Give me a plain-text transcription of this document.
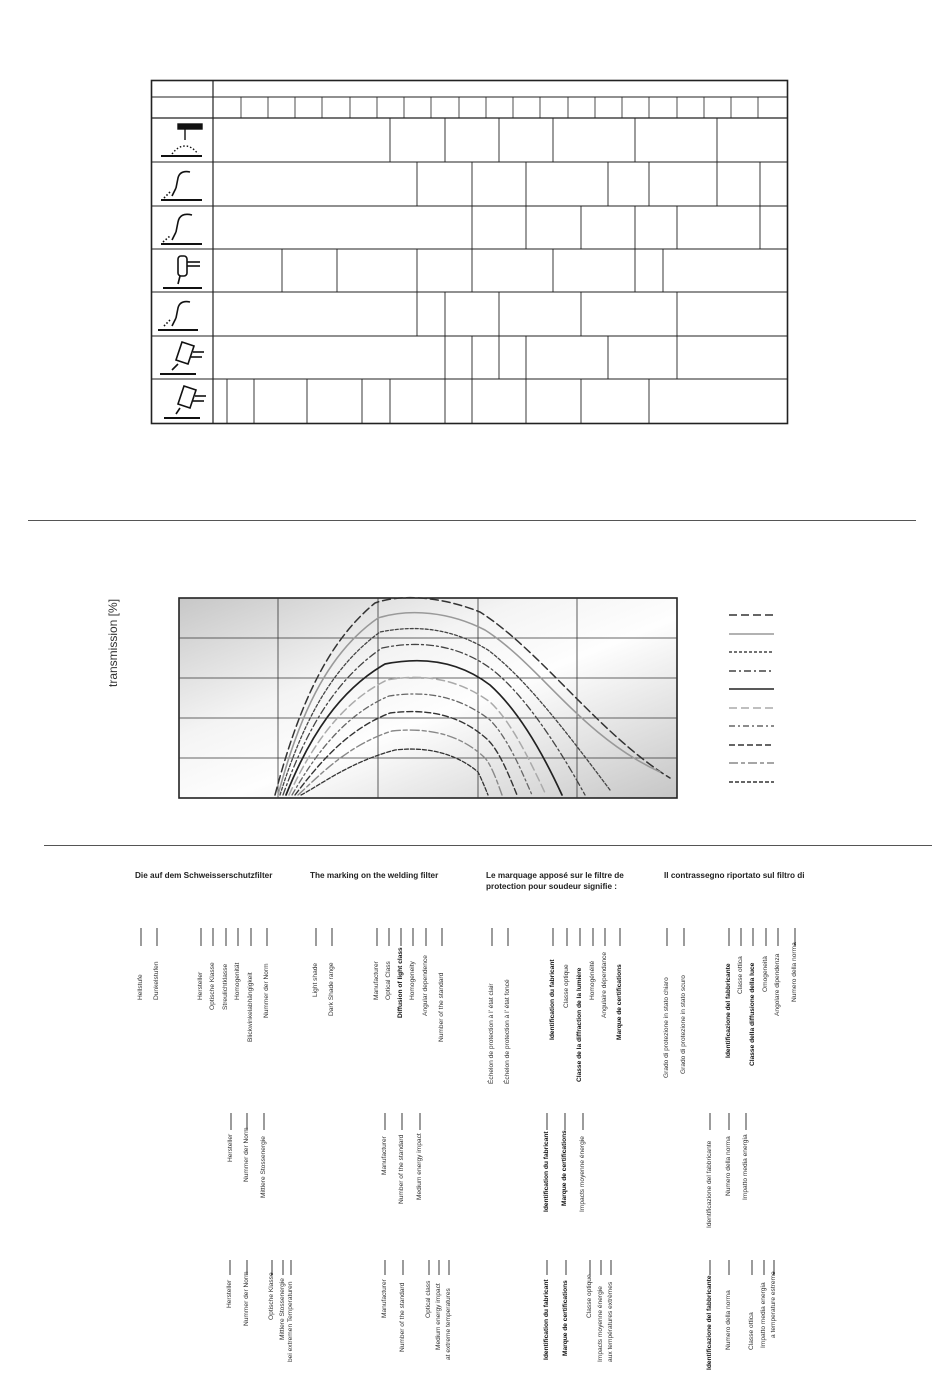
transmission [%]
Die auf dem Schweisserschutzfilter	The marking on the welding filter	Le marquage apposé sur le filtre de
protection pour soudeur signifie :
Il contrassegno riportato sul filtro di
Hellstufe Dunkelstufen	Hersteller Optische Klasse Streulichtklasse Homogenität Blickwinkelabhängigkeit Nummer der Norm	Light shade Dark Shade range	Manufacturer Optical Class Diffusion of light class Homogeneity Angular dependence Number of the standard	Échelon de protection à l' état clair Échelon de protection à l' état foncé	Identification du fabricant Classe optique Classe de la diffraction de la lumière Homogénéité Angulaire dépendance Marque de certifications	Grado di protezione in stato chiaro Grado di protezione in stato scuro	Identificazione del fabbricante Classe ottica Classe della diffusione della luce Omogeneità Angolare dipendenza Numero della norma
Hersteller Nummer der Norm Mittlere Stossenergie	Manufacturer Number of the standard Medium energy impact	Identification du fabricant Marque de certifications Impacts moyenne énergie	Identificazione del fabbricante Numero della norma Impatto media energia
Hersteller Nummer der Norm	Optische Klasse Mittlere Stossenergie bei extremen Temperaturen	Manufacturer Number of the standard	Optical class Medium energy impact at extreme temperatures	Identification du fabricant Marque de certifications	Classe optique Impacts moyenne énergie aux températures extrèmes	Identificazione del fabbricante Numero della norma Classe ottica Impatto media energia a temperature estreme
